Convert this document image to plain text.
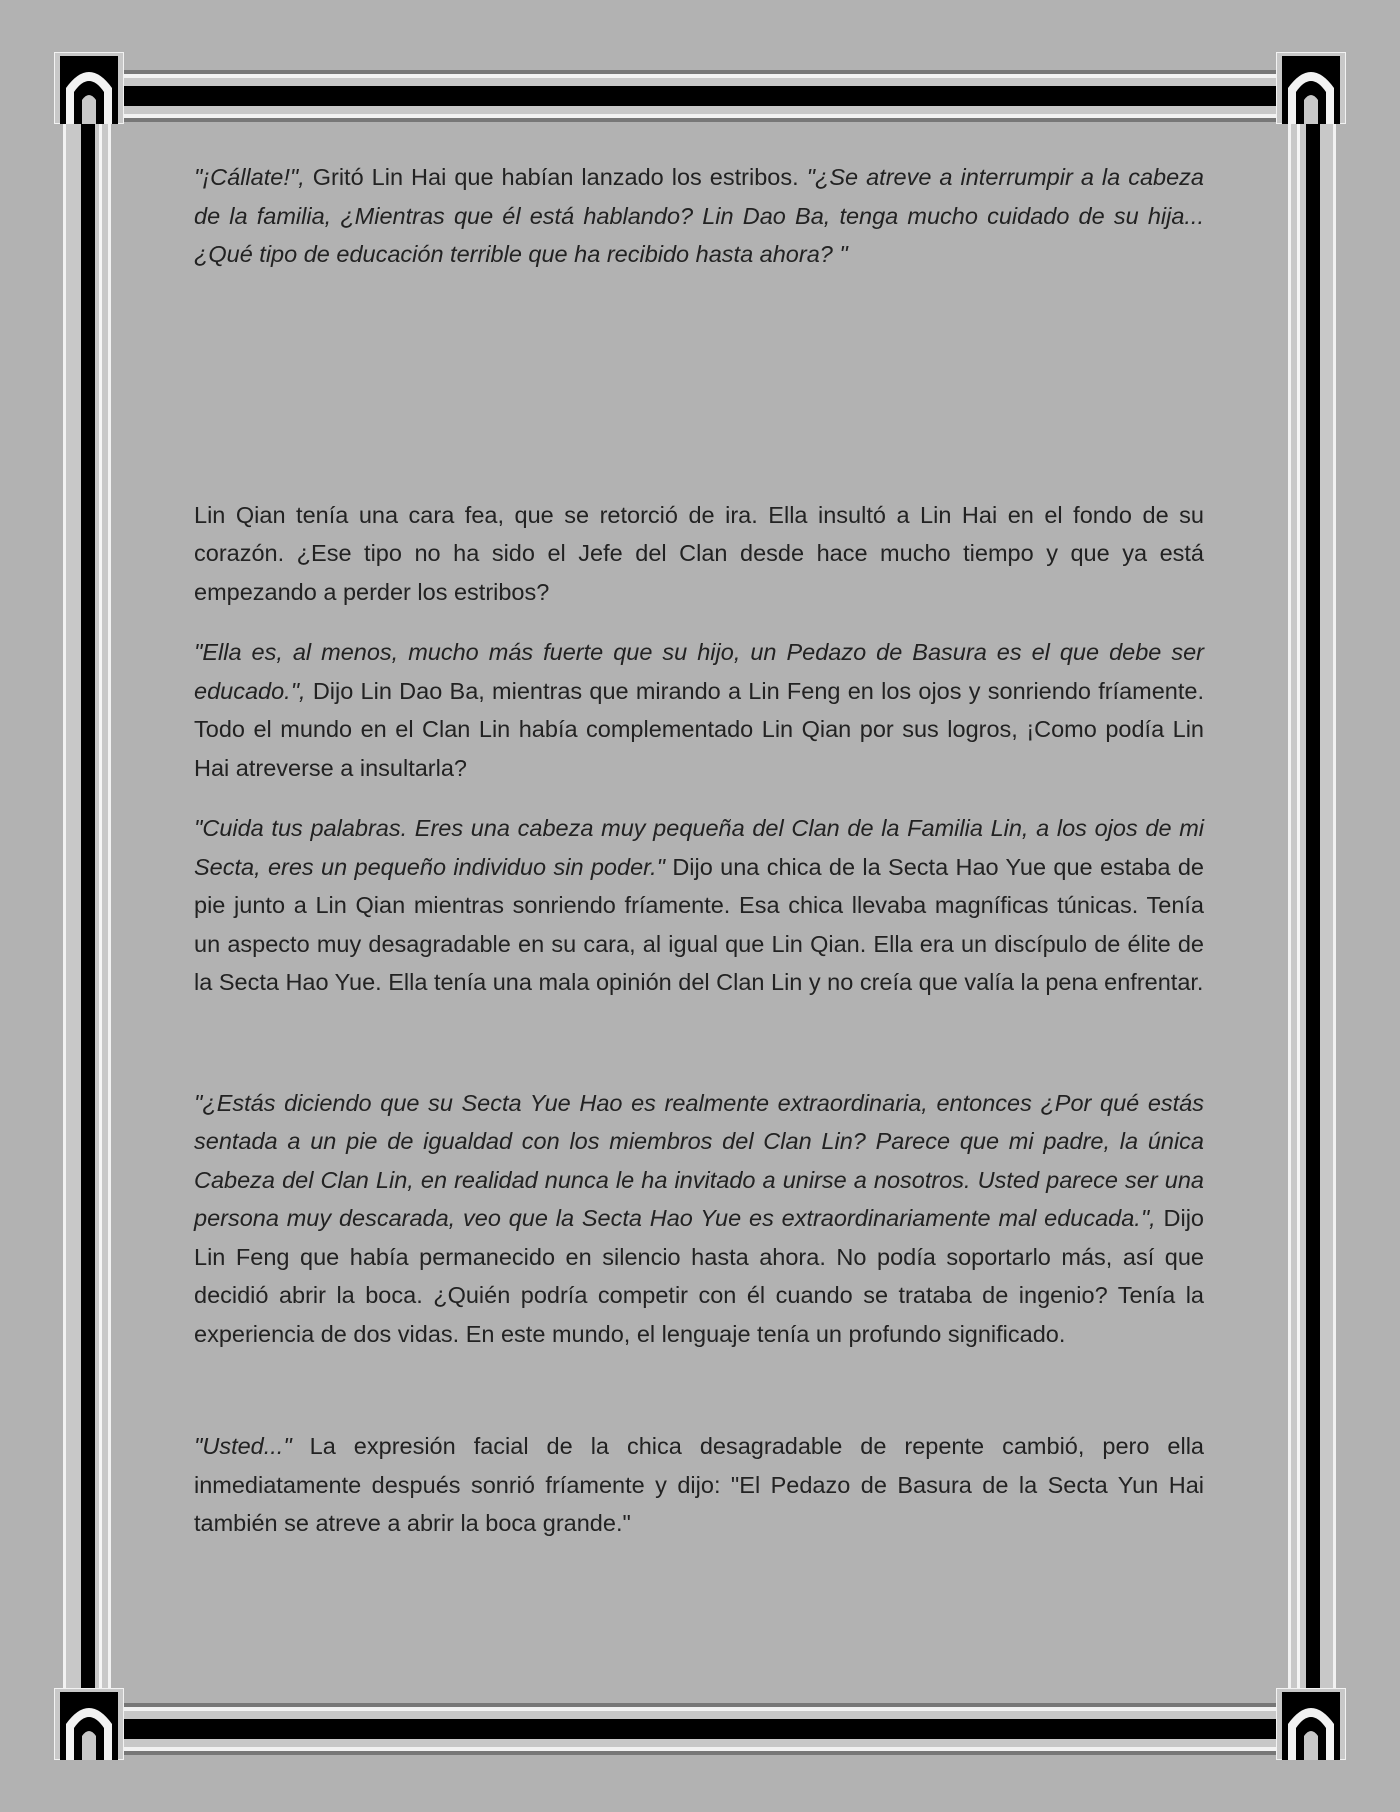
"¡Cállate!", Gritó Lin Hai que habían lanzado los estribos. "¿Se atreve a interrumpir a la cabeza de la familia, ¿Mientras que él está hablando? Lin Dao Ba, tenga mucho cuidado de su hija... ¿Qué tipo de educación terrible que ha recibido hasta ahora? "

Lin Qian tenía una cara fea, que se retorció de ira. Ella insultó a Lin Hai en el fondo de su corazón. ¿Ese tipo no ha sido el Jefe del Clan desde hace mucho tiempo y que ya está empezando a perder los estribos?

"Ella es, al menos, mucho más fuerte que su hijo, un Pedazo de Basura es el que debe ser educado.", Dijo Lin Dao Ba, mientras que mirando a Lin Feng en los ojos y sonriendo fríamente. Todo el mundo en el Clan Lin había complementado Lin Qian por sus logros, ¡Como podía Lin Hai atreverse a insultarla?

"Cuida tus palabras. Eres una cabeza muy pequeña del Clan de la Familia Lin, a los ojos de mi Secta, eres un pequeño individuo sin poder." Dijo una chica de la Secta Hao Yue que estaba de pie junto a Lin Qian mientras sonriendo fríamente. Esa chica llevaba magníficas túnicas. Tenía un aspecto muy desagradable en su cara, al igual que Lin Qian. Ella era un discípulo de élite de la Secta Hao Yue. Ella tenía una mala opinión del Clan Lin y no creía que valía la pena enfrentar.

"¿Estás diciendo que su Secta Yue Hao es realmente extraordinaria, entonces ¿Por qué estás sentada a un pie de igualdad con los miembros del Clan Lin? Parece que mi padre, la única Cabeza del Clan Lin, en realidad nunca le ha invitado a unirse a nosotros. Usted parece ser una persona muy descarada, veo que la Secta Hao Yue es extraordinariamente mal educada.", Dijo Lin Feng que había permanecido en silencio hasta ahora. No podía soportarlo más, así que decidió abrir la boca. ¿Quién podría competir con él cuando se trataba de ingenio? Tenía la experiencia de dos vidas. En este mundo, el lenguaje tenía un profundo significado.

"Usted..." La expresión facial de la chica desagradable de repente cambió, pero ella inmediatamente después sonrió fríamente y dijo: "El Pedazo de Basura de la Secta Yun Hai también se atreve a abrir la boca grande."
